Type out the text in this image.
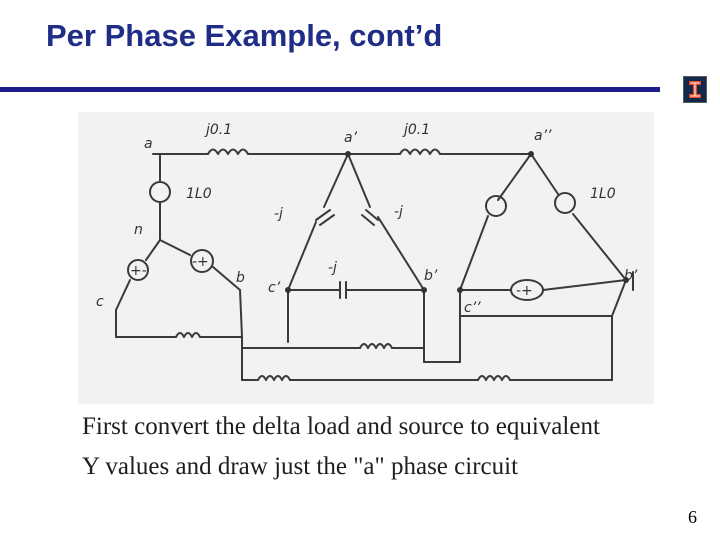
Per Phase Example, cont’d
a
n
b
c
a’
b’
c’
a’’
b’
c’’
j0.1	j0.1
-j	-j
-j
1L0	1L0
+-
-+
-+
First convert the delta load and source to equivalent
Y values and draw just the "a" phase circuit
6
